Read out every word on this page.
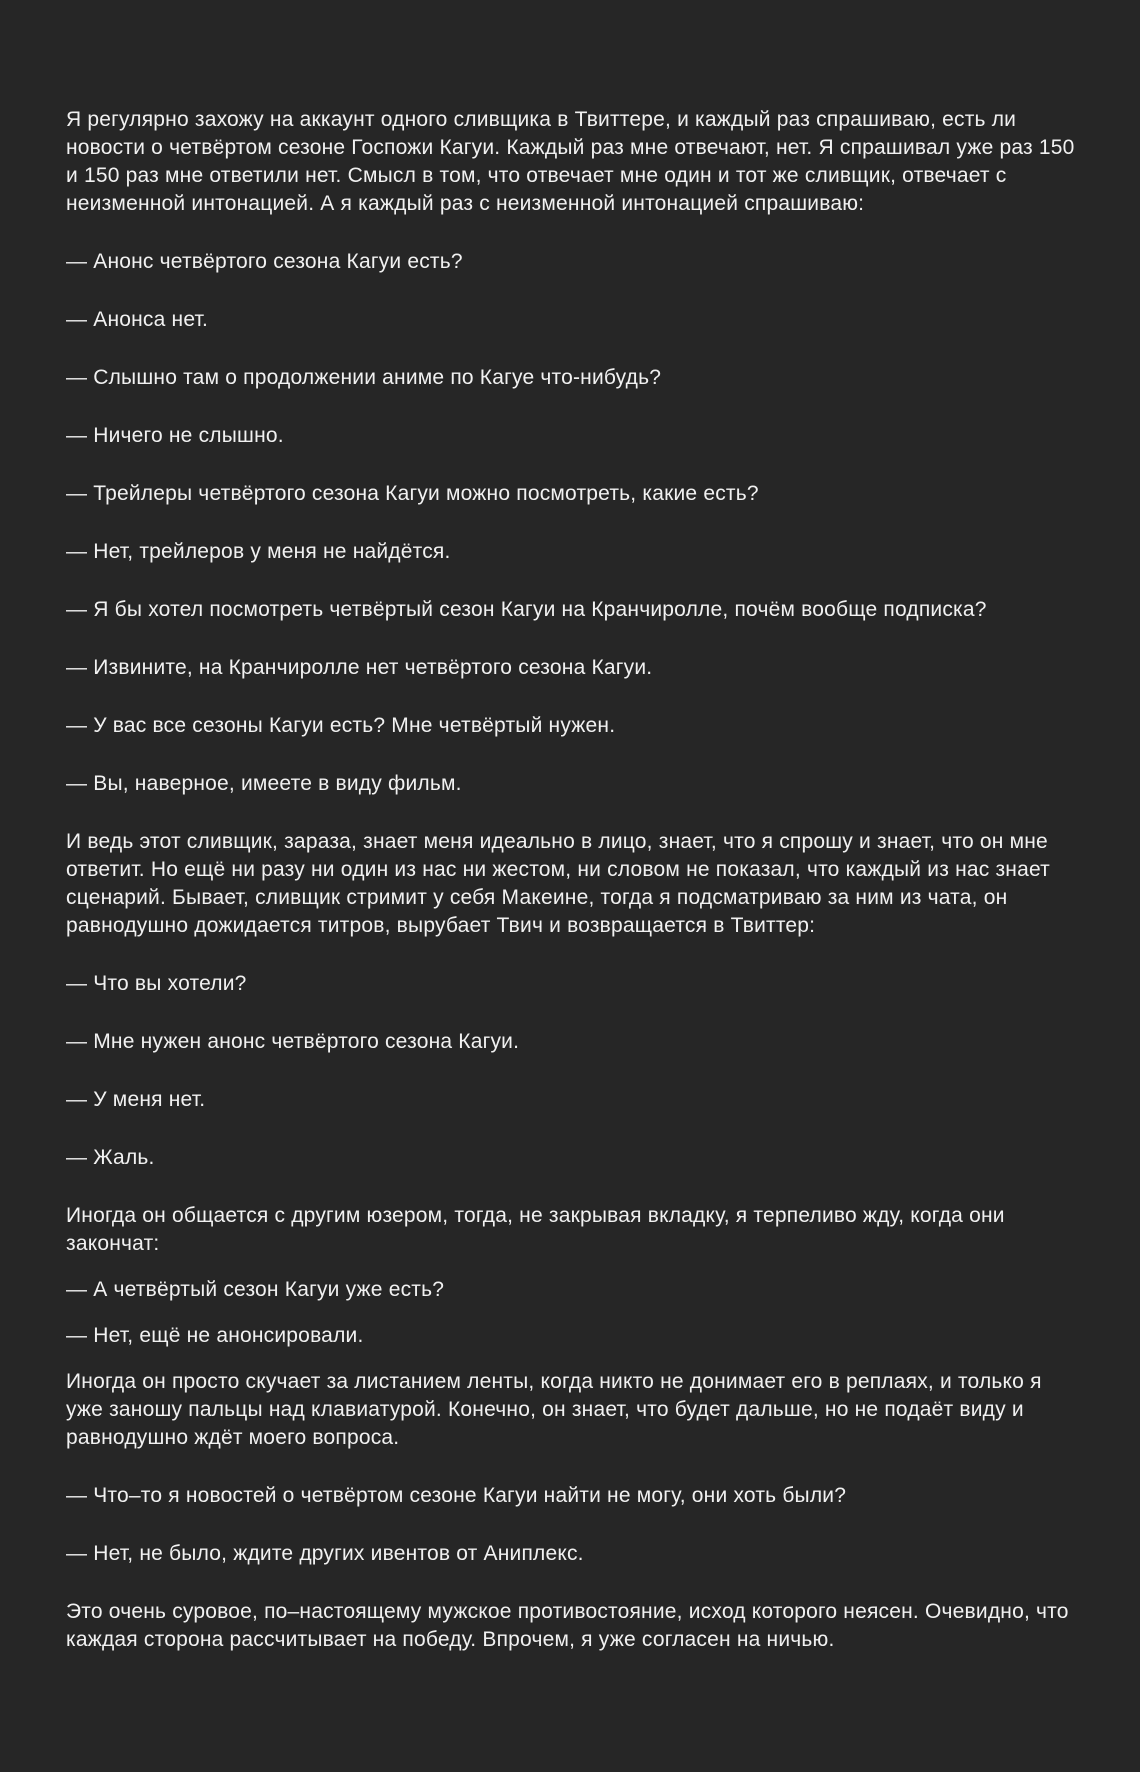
Я регулярно захожу на аккаунт одного сливщика в Твиттере, и каждый раз спрашиваю, есть ли новости о четвёртом сезоне Госпожи Кагуи. Каждый раз мне отвечают, нет. Я спрашивал уже раз 150 и 150 раз мне ответили нет. Смысл в том, что отвечает мне один и тот же сливщик, отвечает с неизменной интонацией. А я каждый раз с неизменной интонацией спрашиваю:

— Анонс четвёртого сезона Кагуи есть?

— Анонса нет.

— Слышно там о продолжении аниме по Кагуе что-нибудь?

— Ничего не слышно.

— Трейлеры четвёртого сезона Кагуи можно посмотреть, какие есть?

— Нет, трейлеров у меня не найдётся.

— Я бы хотел посмотреть четвёртый сезон Кагуи на Кранчиролле, почём вообще подписка?

— Извините, на Кранчиролле нет четвёртого сезона Кагуи.

— У вас все сезоны Кагуи есть? Мне четвёртый нужен.

— Вы, наверное, имеете в виду фильм.

И ведь этот сливщик, зараза, знает меня идеально в лицо, знает, что я спрошу и знает, что он мне ответит. Но ещё ни разу ни один из нас ни жестом, ни словом не показал, что каждый из нас знает сценарий. Бывает, сливщик стримит у себя Макеине, тогда я подсматриваю за ним из чата, он равнодушно дожидается титров, вырубает Твич и возвращается в Твиттер:

— Что вы хотели?

— Мне нужен анонс четвёртого сезона Кагуи.

— У меня нет.

— Жаль.

Иногда он общается с другим юзером, тогда, не закрывая вкладку, я терпеливо жду, когда они закончат:

— А четвёртый сезон Кагуи уже есть?

— Нет, ещё не анонсировали.

Иногда он просто скучает за листанием ленты, когда никто не донимает его в реплаях, и только я уже заношу пальцы над клавиатурой. Конечно, он знает, что будет дальше, но не подаёт виду и равнодушно ждёт моего вопроса.

— Что–то я новостей о четвёртом сезоне Кагуи найти не могу, они хоть были?

— Нет, не было, ждите других ивентов от Аниплекс.

Это очень суровое, по–настоящему мужское противостояние, исход которого неясен. Очевидно, что каждая сторона рассчитывает на победу. Впрочем, я уже согласен на ничью.
